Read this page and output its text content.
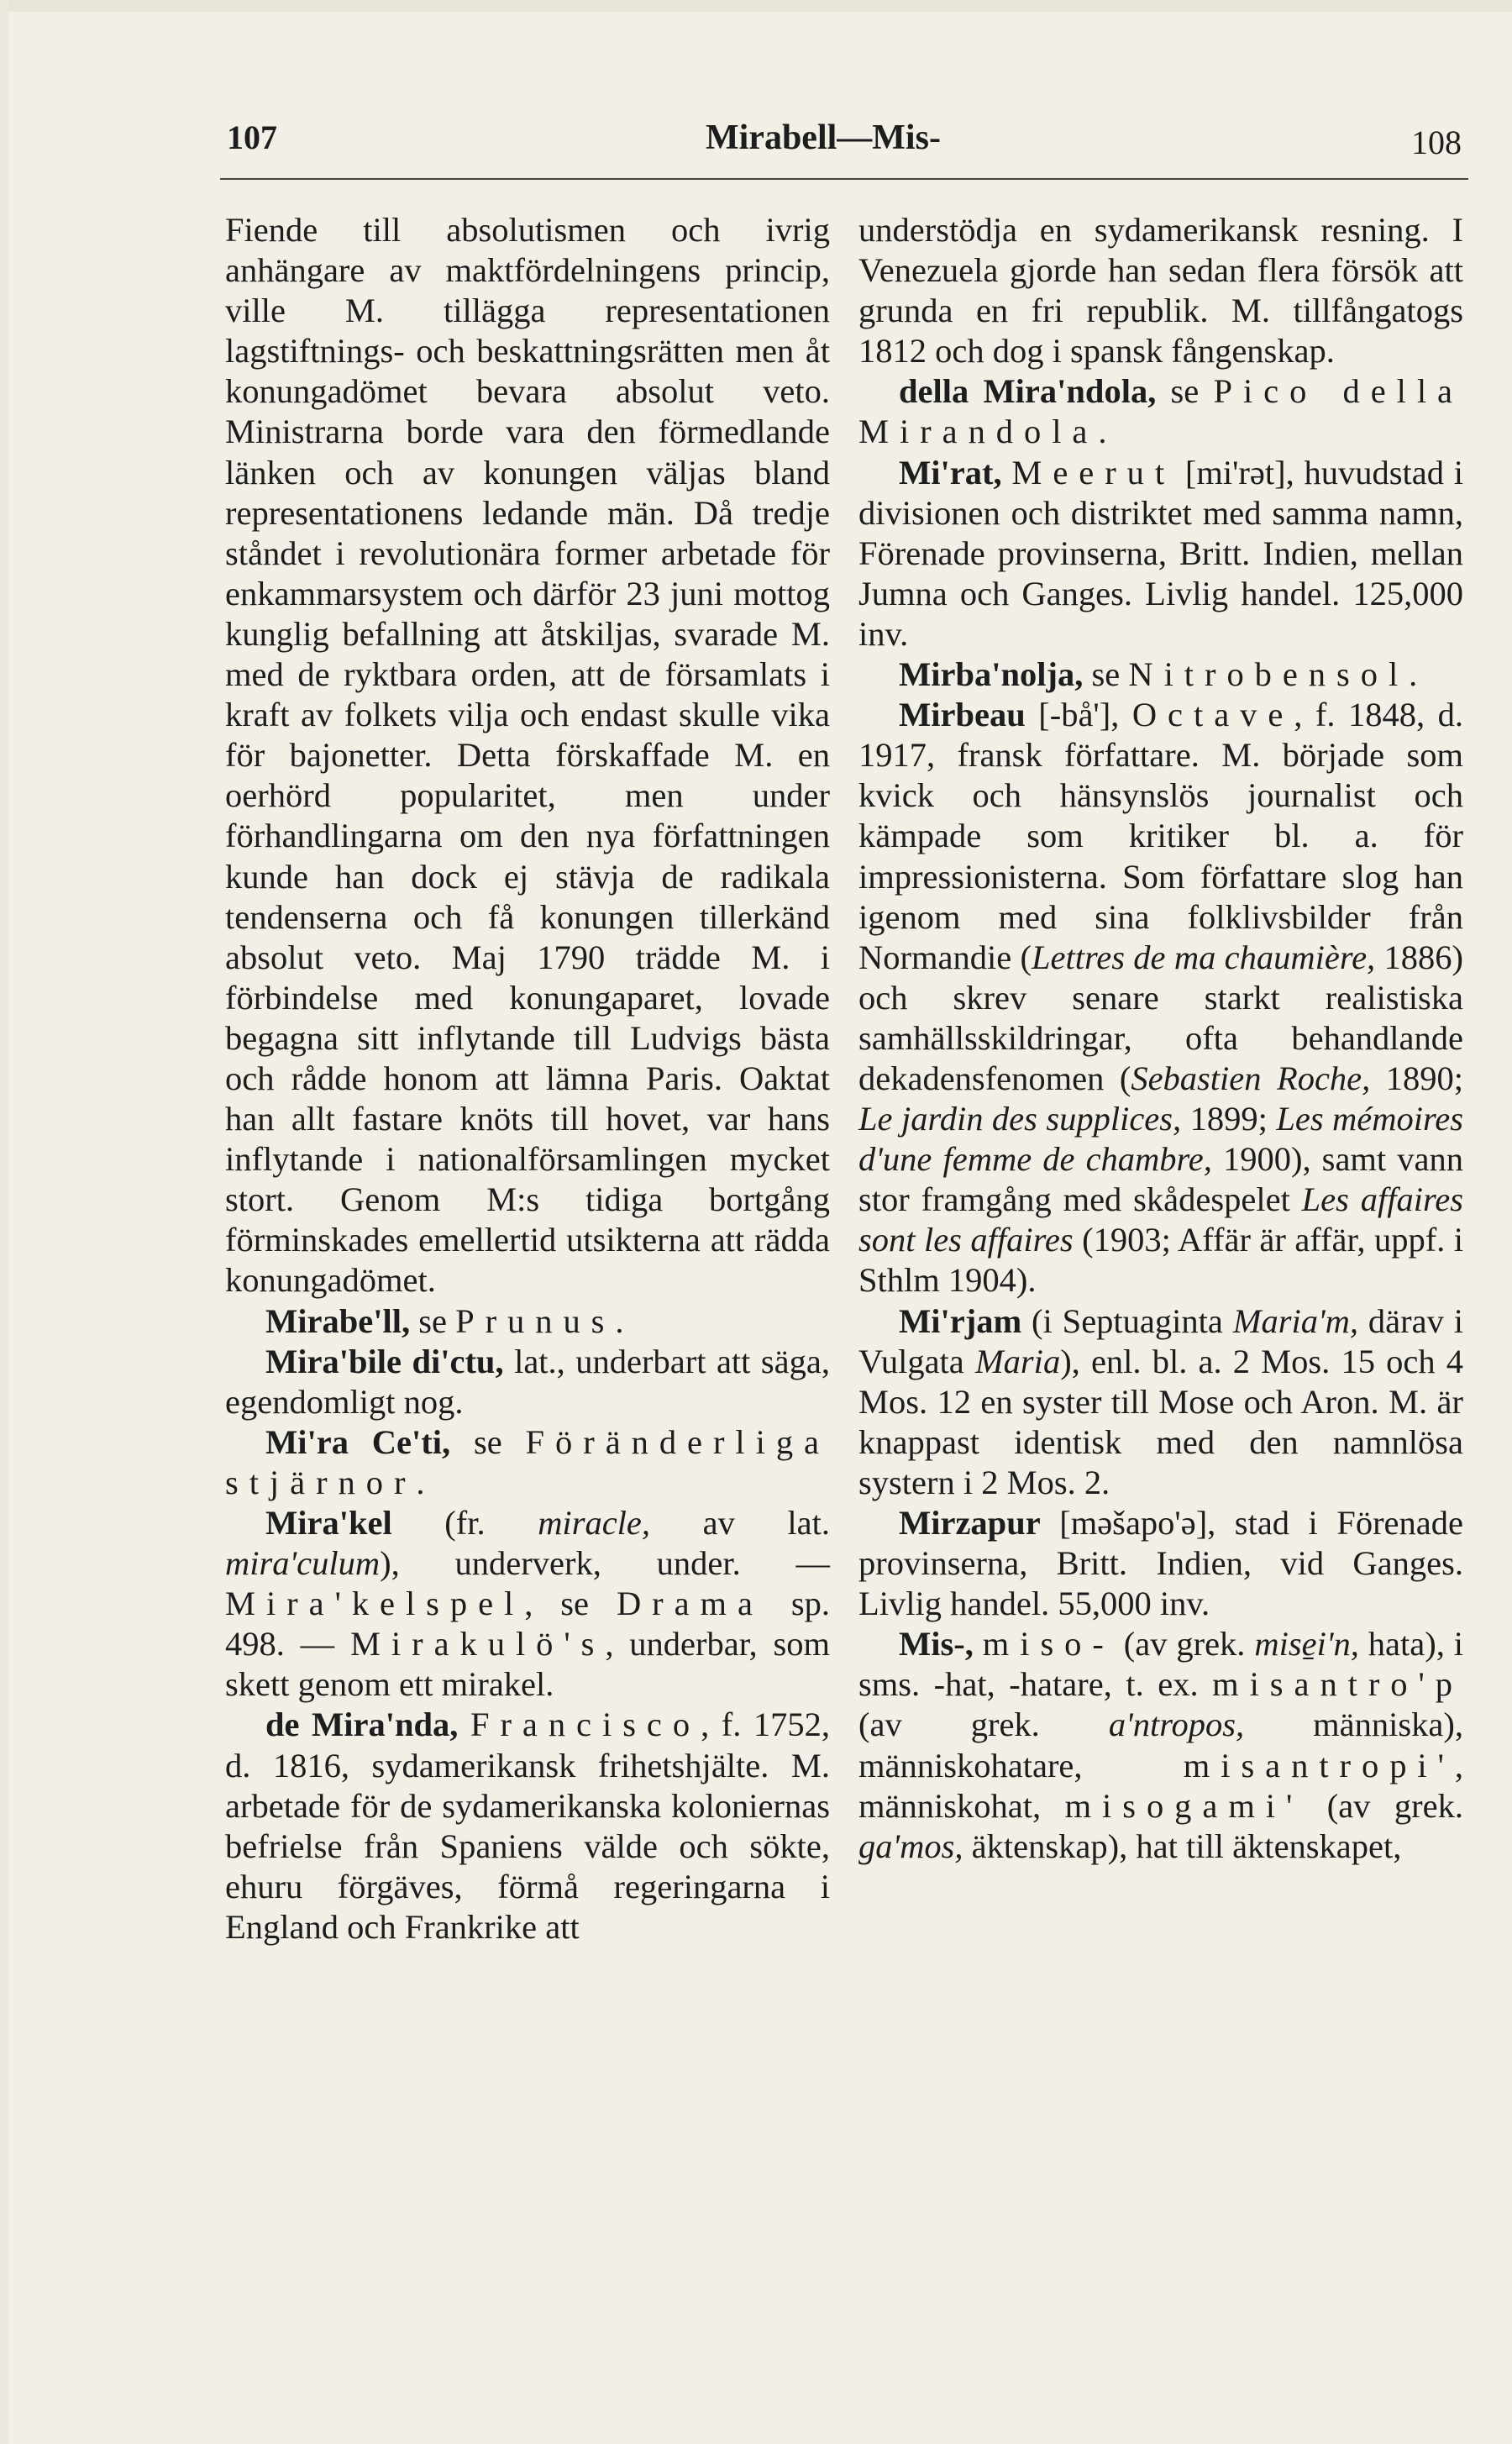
107	Mirabell—Mis-	108

Fiende till absolutismen och ivrig anhängare av maktfördelningens princip, ville M. tillägga representationen lagstiftnings- och beskattningsrätten men åt konungadömet bevara absolut veto. Ministrarna borde vara den förmedlande länken och av konungen väljas bland representationens ledande män. Då tredje ståndet i revolutionära former arbetade för enkammarsystem och därför 23 juni mottog kunglig befallning att åtskiljas, svarade M. med de ryktbara orden, att de församlats i kraft av folkets vilja och endast skulle vika för bajonetter. Detta förskaffade M. en oerhörd popularitet, men under förhandlingarna om den nya författningen kunde han dock ej stävja de radikala tendenserna och få konungen tillerkänd absolut veto. Maj 1790 trädde M. i förbindelse med konungaparet, lovade begagna sitt inflytande till Ludvigs bästa och rådde honom att lämna Paris. Oaktat han allt fastare knöts till hovet, var hans inflytande i nationalförsamlingen mycket stort. Genom M:s tidiga bortgång förminskades emellertid utsikterna att rädda konungadömet.

Mirabe'll, se Prunus.

Mira'bile di'ctu, lat., underbart att säga, egendomligt nog.

Mi'ra Ce'ti, se Föränderliga stjärnor.

Mira'kel (fr. miracle, av lat. mira'culum), underverk, under. — Mira'kelspel, se Drama sp. 498. — Mirakulö's, underbar, som skett genom ett mirakel.

de Mira'nda, Francisco, f. 1752, d. 1816, sydamerikansk frihetshjälte. M. arbetade för de sydamerikanska koloniernas befrielse från Spaniens välde och sökte, ehuru förgäves, förmå regeringarna i England och Frankrike att

understödja en sydamerikansk resning. I Venezuela gjorde han sedan flera försök att grunda en fri republik. M. tillfångatogs 1812 och dog i spansk fångenskap.

della Mira'ndola, se Pico della Mirandola.

Mi'rat, Meerut [mi'rət], huvudstad i divisionen och distriktet med samma namn, Förenade provinserna, Britt. Indien, mellan Jumna och Ganges. Livlig handel. 125,000 inv.

Mirba'nolja, se Nitrobensol.

Mirbeau [-bå'], Octave, f. 1848, d. 1917, fransk författare. M. började som kvick och hänsynslös journalist och kämpade som kritiker bl. a. för impressionisterna. Som författare slog han igenom med sina folklivsbilder från Normandie (Lettres de ma chaumière, 1886) och skrev senare starkt realistiska samhällsskildringar, ofta behandlande dekadensfenomen (Sebastien Roche, 1890; Le jardin des supplices, 1899; Les mémoires d'une femme de chambre, 1900), samt vann stor framgång med skådespelet Les affaires sont les affaires (1903; Affär är affär, uppf. i Sthlm 1904).

Mi'rjam (i Septuaginta Maria'm, därav i Vulgata Maria), enl. bl. a. 2 Mos. 15 och 4 Mos. 12 en syster till Mose och Aron. M. är knappast identisk med den namnlösa systern i 2 Mos. 2.

Mirzapur [məšapo'ə], stad i Förenade provinserna, Britt. Indien, vid Ganges. Livlig handel. 55,000 inv.

Mis-, miso- (av grek. mise̱i'n, hata), i sms. -hat, -hatare, t. ex. misantro'p (av grek. a'ntropos, människa), människohatare, misantropi', människohat, misogami' (av grek. ga'mos, äktenskap), hat till äktenskapet,
